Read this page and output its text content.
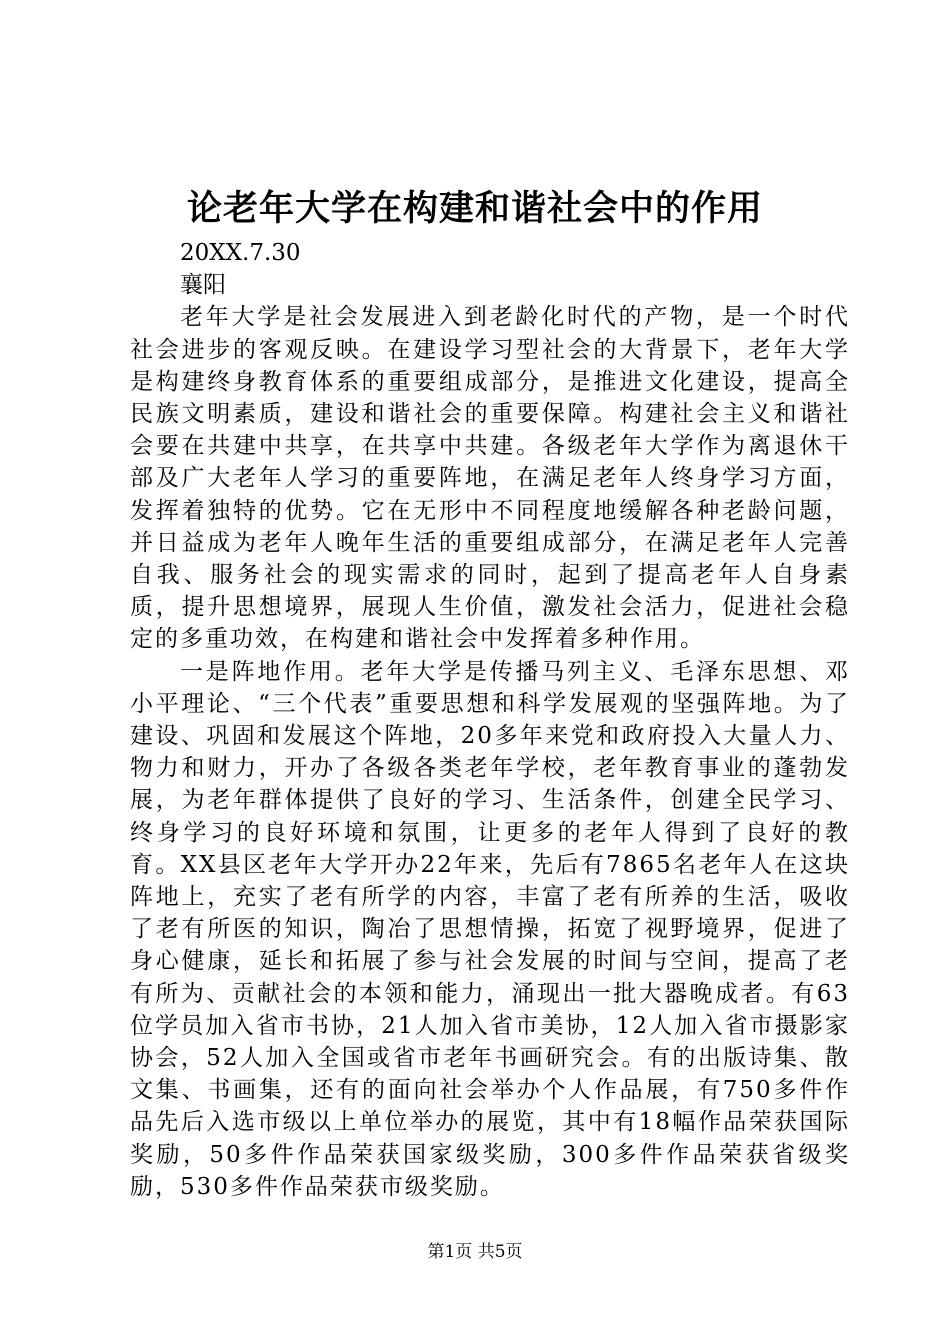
论老年大学在构建和谐社会中的作用

20XX.7.30

襄阳

老年大学是社会发展进入到老龄化时代的产物，是一个时代社会进步的客观反映。在建设学习型社会的大背景下，老年大学是构建终身教育体系的重要组成部分，是推进文化建设，提高全民族文明素质，建设和谐社会的重要保障。构建社会主义和谐社会要在共建中共享，在共享中共建。各级老年大学作为离退休干部及广大老年人学习的重要阵地，在满足老年人终身学习方面，发挥着独特的优势。它在无形中不同程度地缓解各种老龄问题，并日益成为老年人晚年生活的重要组成部分，在满足老年人完善自我、服务社会的现实需求的同时，起到了提高老年人自身素质，提升思想境界，展现人生价值，激发社会活力，促进社会稳定的多重功效，在构建和谐社会中发挥着多种作用。

一是阵地作用。老年大学是传播马列主义、毛泽东思想、邓小平理论、“三个代表”重要思想和科学发展观的坚强阵地。为了建设、巩固和发展这个阵地，20多年来党和政府投入大量人力、物力和财力，开办了各级各类老年学校，老年教育事业的蓬勃发展，为老年群体提供了良好的学习、生活条件，创建全民学习、终身学习的良好环境和氛围，让更多的老年人得到了良好的教育。XX县区老年大学开办22年来，先后有7865名老年人在这块阵地上，充实了老有所学的内容，丰富了老有所养的生活，吸收了老有所医的知识，陶冶了思想情操，拓宽了视野境界，促进了身心健康，延长和拓展了参与社会发展的时间与空间，提高了老有所为、贡献社会的本领和能力，涌现出一批大器晚成者。有63位学员加入省市书协，21人加入省市美协，12人加入省市摄影家协会，52人加入全国或省市老年书画研究会。有的出版诗集、散文集、书画集，还有的面向社会举办个人作品展，有750多件作品先后入选市级以上单位举办的展览，其中有18幅作品荣获国际奖励，50多件作品荣获国家级奖励，300多件作品荣获省级奖励，530多件作品荣获市级奖励。

第1页 共5页
